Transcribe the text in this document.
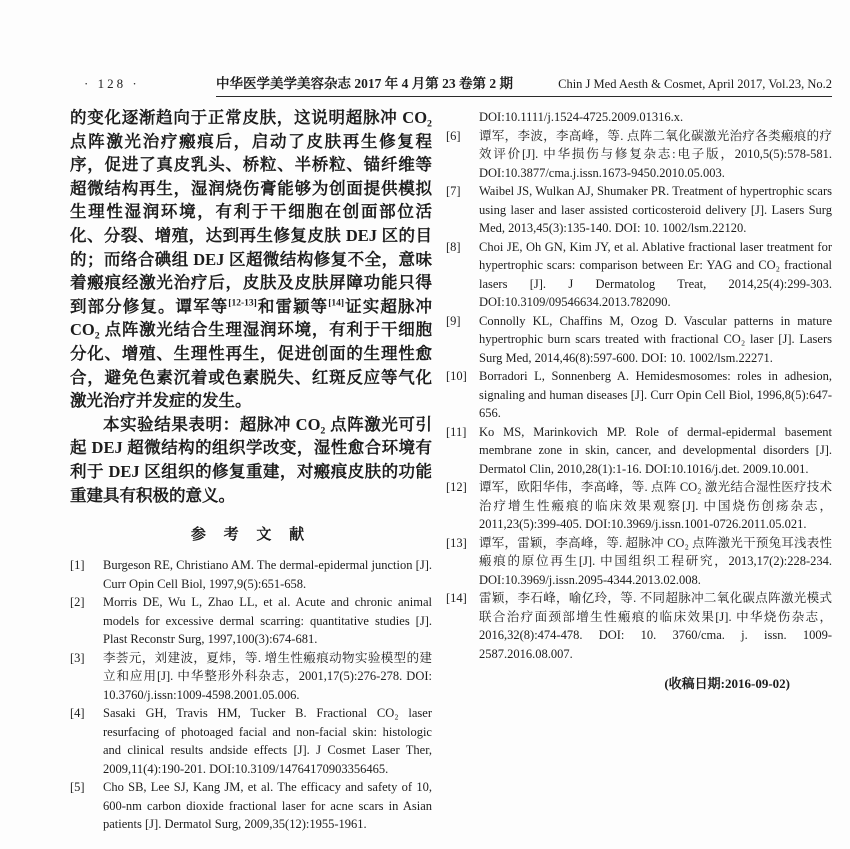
· 128 ·	中华医学美学美容杂志 2017 年 4 月第 23 卷第 2 期	Chin J Med Aesth & Cosmet, April 2017, Vol.23, No.2

的变化逐渐趋向于正常皮肤，这说明超脉冲 CO₂ 点阵激光治疗瘢痕后，启动了皮肤再生修复程序，促进了真皮乳头、桥粒、半桥粒、锚纤维等超微结构再生，湿润烧伤膏能够为创面提供模拟生理性湿润环境，有利于干细胞在创面部位活化、分裂、增殖，达到再生修复皮肤 DEJ 区的目的；而络合碘组 DEJ 区超微结构修复不全，意味着瘢痕经激光治疗后，皮肤及皮肤屏障功能只得到部分修复。谭军等[12-13]和雷颖等[14]证实超脉冲 CO₂ 点阵激光结合生理湿润环境，有利于干细胞分化、增殖、生理性再生，促进创面的生理性愈合，避免色素沉着或色素脱失、红斑反应等气化激光治疗并发症的发生。

本实验结果表明：超脉冲 CO₂ 点阵激光可引起 DEJ 超微结构的组织学改变，湿性愈合环境有利于 DEJ 区组织的修复重建，对瘢痕皮肤的功能重建具有积极的意义。

参 考 文 献
[1]	Burgeson RE, Christiano AM. The dermal-epidermal junction [J]. Curr Opin Cell Biol, 1997,9(5):651-658.
[2]	Morris DE, Wu L, Zhao LL, et al. Acute and chronic animal models for excessive dermal scarring: quantitative studies [J]. Plast Reconstr Surg, 1997,100(3):674-681.
[3]	李荟元，刘建波，夏炜，等. 增生性瘢痕动物实验模型的建立和应用[J]. 中华整形外科杂志，2001,17(5):276-278. DOI: 10.3760/j.issn:1009-4598.2001.05.006.
[4]	Sasaki GH, Travis HM, Tucker B. Fractional CO₂ laser resurfacing of photoaged facial and non-facial skin: histologic and clinical results andside effects [J]. J Cosmet Laser Ther, 2009,11(4):190-201. DOI:10.3109/14764170903356465.
[5]	Cho SB, Lee SJ, Kang JM, et al. The efficacy and safety of 10, 600-nm carbon dioxide fractional laser for acne scars in Asian patients [J]. Dermatol Surg, 2009,35(12):1955-1961.
DOI:10.1111/j.1524-4725.2009.01316.x.
[6]	谭军，李波，李高峰，等. 点阵二氧化碳激光治疗各类瘢痕的疗效评价[J]. 中华损伤与修复杂志:电子版，2010,5(5):578-581. DOI:10.3877/cma.j.issn.1673-9450.2010.05.003.
[7]	Waibel JS, Wulkan AJ, Shumaker PR. Treatment of hypertrophic scars using laser and laser assisted corticosteroid delivery [J]. Lasers Surg Med, 2013,45(3):135-140. DOI: 10. 1002/lsm.22120.
[8]	Choi JE, Oh GN, Kim JY, et al. Ablative fractional laser treatment for hypertrophic scars: comparison between Er: YAG and CO₂ fractional lasers [J]. J Dermatolog Treat, 2014,25(4):299-303. DOI:10.3109/09546634.2013.782090.
[9]	Connolly KL, Chaffins M, Ozog D. Vascular patterns in mature hypertrophic burn scars treated with fractional CO₂ laser [J]. Lasers Surg Med, 2014,46(8):597-600. DOI: 10. 1002/lsm.22271.
[10] Borradori L, Sonnenberg A. Hemidesmosomes: roles in adhesion, signaling and human diseases [J]. Curr Opin Cell Biol, 1996,8(5):647-656.
[11]	Ko MS, Marinkovich MP. Role of dermal-epidermal basement membrane zone in skin, cancer, and developmental disorders [J]. Dermatol Clin, 2010,28(1):1-16. DOI:10.1016/j.det. 2009.10.001.
[12] 谭军，欧阳华伟，李高峰，等. 点阵 CO₂ 激光结合湿性医疗技术治疗增生性瘢痕的临床效果观察[J]. 中国烧伤创疡杂志，2011,23(5):399-405. DOI:10.3969/j.issn.1001-0726.2011.05.021.
[13] 谭军，雷颖，李高峰，等. 超脉冲 CO₂ 点阵激光干预兔耳浅表性瘢痕的原位再生[J]. 中国组织工程研究，2013,17(2):228-234. DOI:10.3969/j.issn.2095-4344.2013.02.008.
[14] 雷颖，李石峰，喻亿玲，等. 不同超脉冲二氧化碳点阵激光模式联合治疗面颈部增生性瘢痕的临床效果[J]. 中华烧伤杂志，2016,32(8):474-478. DOI: 10. 3760/cma. j. issn. 1009-2587.2016.08.007.
(收稿日期:2016-09-02)
